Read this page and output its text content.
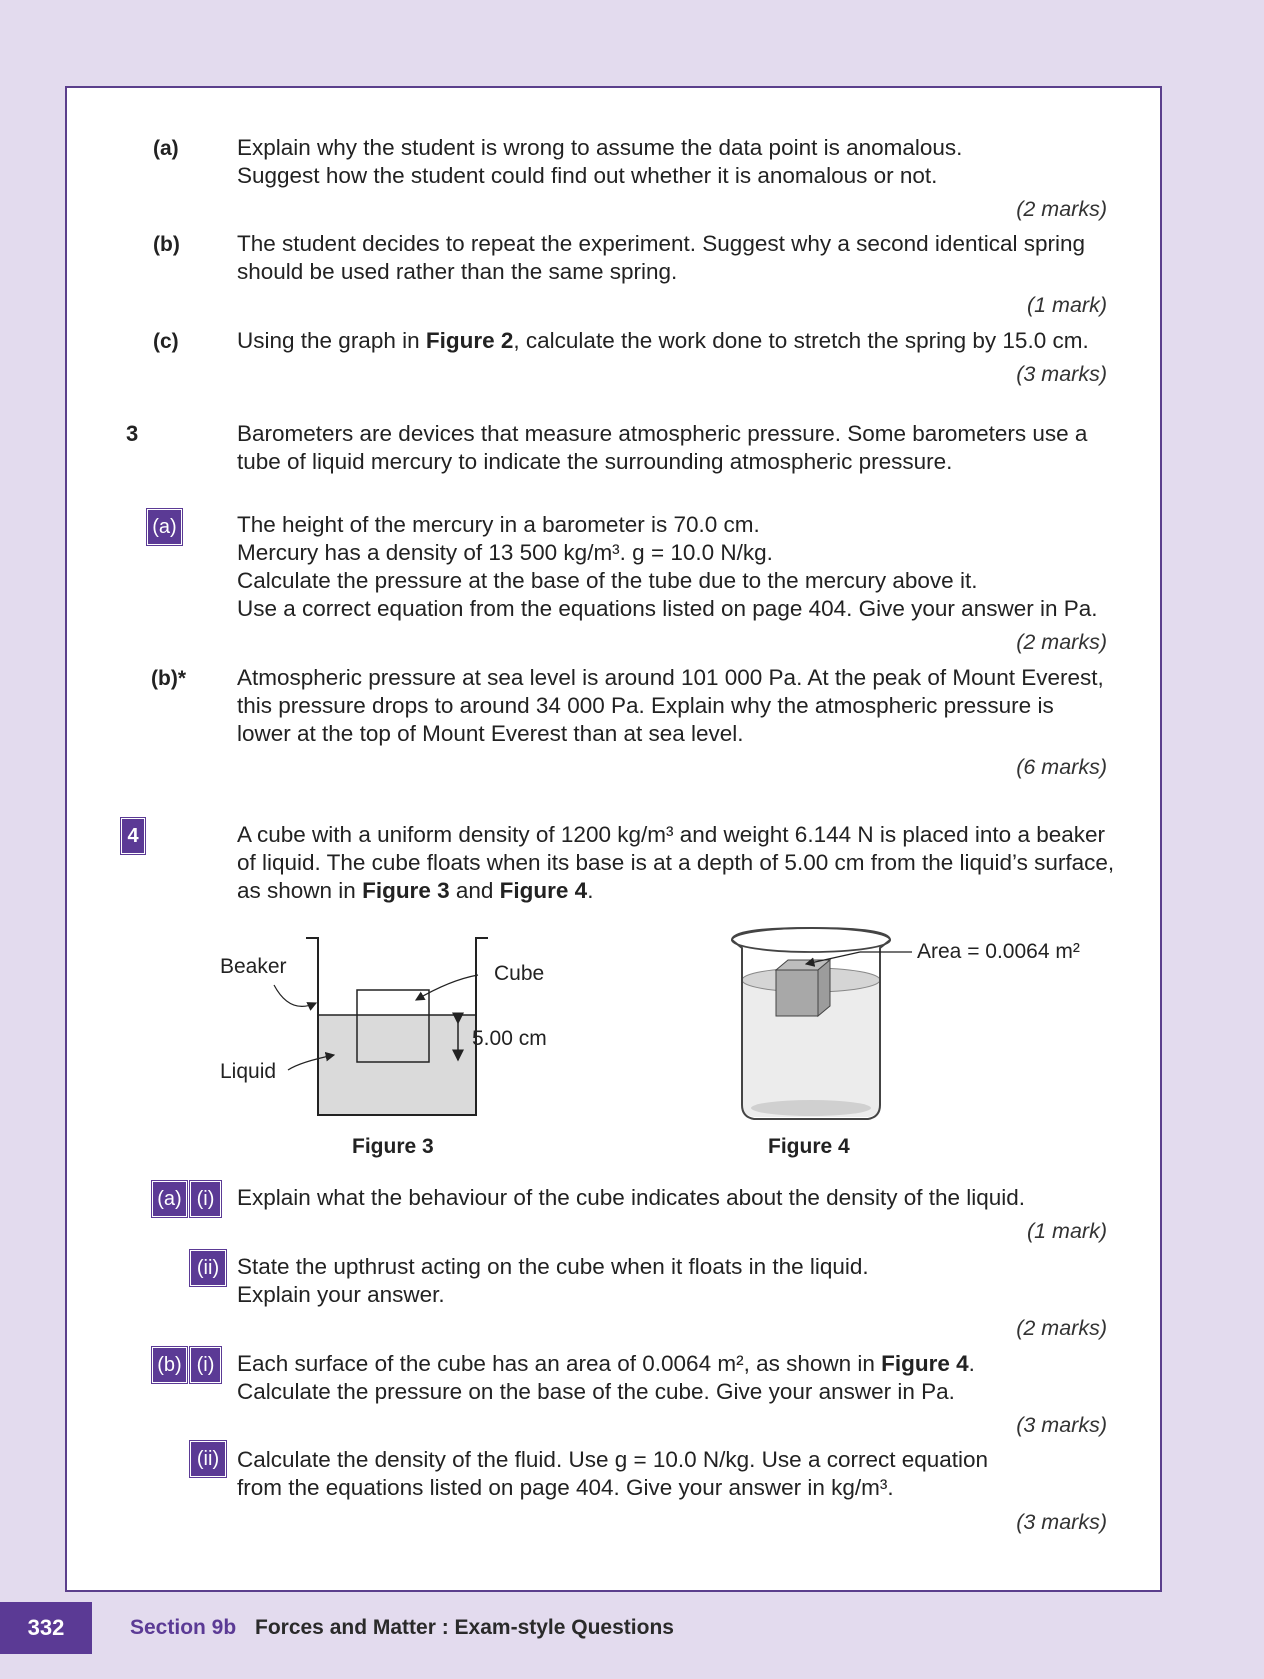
(a)	Explain why the student is wrong to assume the data point is anomalous.
Suggest how the student could find out whether it is anomalous or not.
(2 marks)
(b)	The student decides to repeat the experiment. Suggest why a second identical spring
should be used rather than the same spring.
(1 mark)
(c)	Using the graph in Figure 2, calculate the work done to stretch the spring by 15.0 cm.
(3 marks)
3	Barometers are devices that measure atmospheric pressure. Some barometers use a
tube of liquid mercury to indicate the surrounding atmospheric pressure.
(a)	The height of the mercury in a barometer is 70.0 cm.
Mercury has a density of 13 500 kg/m³. g = 10.0 N/kg.
Calculate the pressure at the base of the tube due to the mercury above it.
Use a correct equation from the equations listed on page 404. Give your answer in Pa.
(2 marks)
(b)* Atmospheric pressure at sea level is around 101 000 Pa. At the peak of Mount Everest,
this pressure drops to around 34 000 Pa. Explain why the atmospheric pressure is
lower at the top of Mount Everest than at sea level.
(6 marks)
4	A cube with a uniform density of 1200 kg/m³ and weight 6.144 N is placed into a beaker
of liquid. The cube floats when its base is at a depth of 5.00 cm from the liquid’s surface,
as shown in Figure 3 and Figure 4.
Beaker	Cube
5.00 cm
Liquid
Figure 3
Area = 0.0064 m²
Figure 4
(a) (i) Explain what the behaviour of the cube indicates about the density of the liquid.
(1 mark)
(ii) State the upthrust acting on the cube when it floats in the liquid.
Explain your answer.
(2 marks)
(b) (i) Each surface of the cube has an area of 0.0064 m², as shown in Figure 4.
Calculate the pressure on the base of the cube. Give your answer in Pa.
(3 marks)
(ii) Calculate the density of the fluid. Use g = 10.0 N/kg. Use a correct equation
from the equations listed on page 404. Give your answer in kg/m³.
(3 marks)
332	Section 9b Forces and Matter : Exam-style Questions
